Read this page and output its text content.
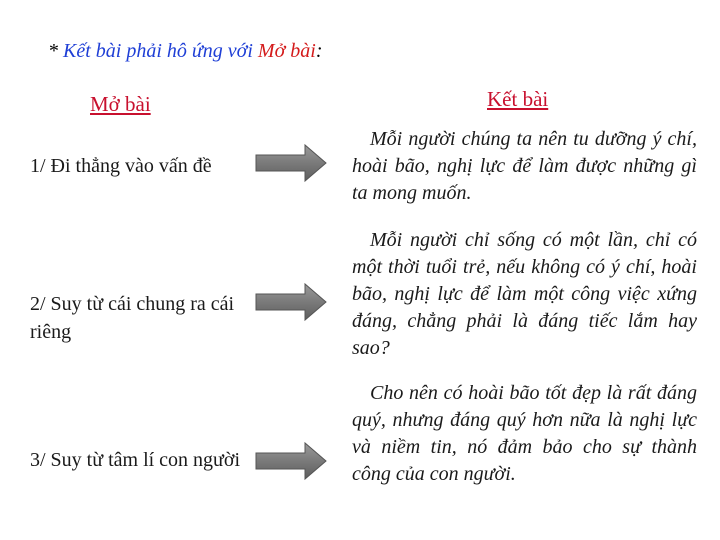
* Kết bài phải hô ứng với Mở bài:
Mở bài	Kết bài
1/ Đi thẳng vào vấn đề
Mỗi người chúng ta nên tu dưỡng ý chí, hoài bão, nghị lực để làm được những gì ta mong muốn.
2/ Suy từ cái chung ra cái riêng
Mỗi người chỉ sống có một lần, chỉ có một thời tuổi trẻ, nếu không có ý chí, hoài bão, nghị lực để làm một công việc xứng đáng, chẳng phải là đáng tiếc lắm hay sao?
3/ Suy từ tâm lí con người
Cho nên có hoài bão tốt đẹp là rất đáng quý, nhưng đáng quý hơn nữa là nghị lực và niềm tin, nó đảm bảo cho sự thành công của con người.
